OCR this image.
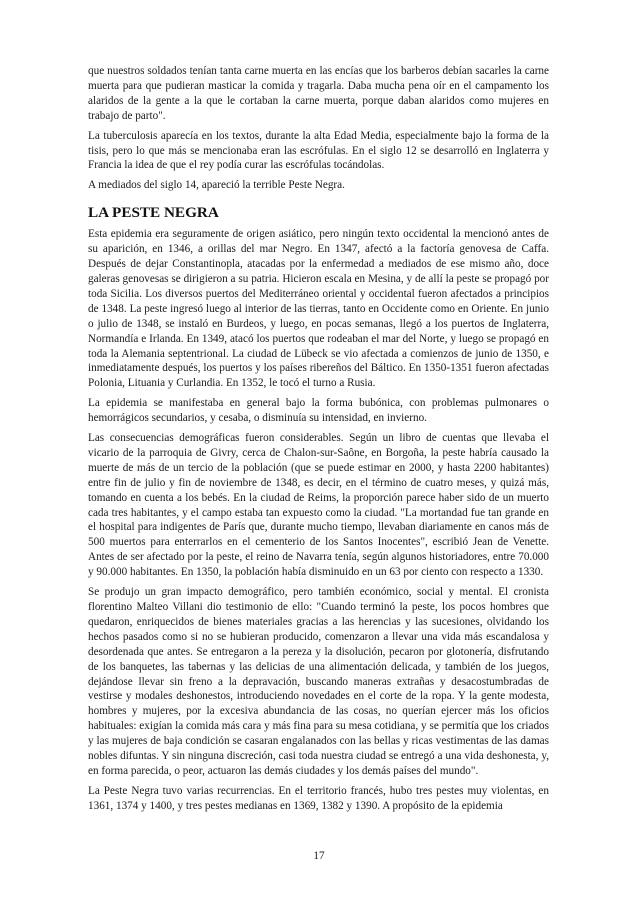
que nuestros soldados tenían tanta carne muerta en las encías que los barberos debían sacarles la carne muerta para que pudieran masticar la comida y tragarla. Daba mucha pena oír en el campamento los alaridos de la gente a la que le cortaban la carne muerta, porque daban alaridos como mujeres en trabajo de parto".

La tuberculosis aparecía en los textos, durante la alta Edad Media, especialmente bajo la forma de la tisis, pero lo que más se mencionaba eran las escrófulas. En el siglo 12 se desarrolló en Inglaterra y Francia la idea de que el rey podía curar las escrófulas tocándolas.

A mediados del siglo 14, apareció la terrible Peste Negra.

LA PESTE NEGRA

Esta epidemia era seguramente de origen asiático, pero ningún texto occidental la mencionó antes de su aparición, en 1346, a orillas del mar Negro. En 1347, afectó a la factoría genovesa de Caffa. Después de dejar Constantinopla, atacadas por la enfermedad a mediados de ese mismo año, doce galeras genovesas se dirigieron a su patria. Hicieron escala en Mesina, y de allí la peste se propagó por toda Sicilia. Los diversos puertos del Mediterráneo oriental y occidental fueron afectados a principios de 1348. La peste ingresó luego al interior de las tierras, tanto en Occidente como en Oriente. En junio o julio de 1348, se instaló en Burdeos, y luego, en pocas semanas, llegó a los puertos de Inglaterra, Normandía e Irlanda. En 1349, atacó los puertos que rodeaban el mar del Norte, y luego se propagó en toda la Alemania septentrional. La ciudad de Lübeck se vio afectada a comienzos de junio de 1350, e inmediatamente después, los puertos y los países ribereños del Báltico. En 1350-1351 fueron afectadas Polonia, Lituania y Curlandia. En 1352, le tocó el turno a Rusia.

La epidemia se manifestaba en general bajo la forma bubónica, con problemas pulmonares o hemorrágicos secundarios, y cesaba, o disminuía su intensidad, en invierno.

Las consecuencias demográficas fueron considerables. Según un libro de cuentas que llevaba el vicario de la parroquia de Givry, cerca de Chalon-sur-Saône, en Borgoña, la peste habría causado la muerte de más de un tercio de la población (que se puede estimar en 2000, y hasta 2200 habitantes) entre fin de julio y fin de noviembre de 1348, es decir, en el término de cuatro meses, y quizá más, tomando en cuenta a los bebés. En la ciudad de Reims, la proporción parece haber sido de un muerto cada tres habitantes, y el campo estaba tan expuesto como la ciudad. "La mortandad fue tan grande en el hospital para indigentes de París que, durante mucho tiempo, llevaban diariamente en canos más de 500 muertos para enterrarlos en el cementerio de los Santos Inocentes", escribió Jean de Venette. Antes de ser afectado por la peste, el reino de Navarra tenía, según algunos historiadores, entre 70.000 y 90.000 habitantes. En 1350, la población había disminuido en un 63 por ciento con respecto a 1330.

Se produjo un gran impacto demográfico, pero también económico, social y mental. El cronista florentino Malteo Villani dio testimonio de ello: "Cuando terminó la peste, los pocos hombres que quedaron, enriquecidos de bienes materiales gracias a las herencias y las sucesiones, olvidando los hechos pasados como si no se hubieran producido, comenzaron a llevar una vida más escandalosa y desordenada que antes. Se entregaron a la pereza y la disolución, pecaron por glotonería, disfrutando de los banquetes, las tabernas y las delicias de una alimentación delicada, y también de los juegos, dejándose llevar sin freno a la depravación, buscando maneras extrañas y desacostumbradas de vestirse y modales deshonestos, introduciendo novedades en el corte de la ropa. Y la gente modesta, hombres y mujeres, por la excesiva abundancia de las cosas, no querían ejercer más los oficios habituales: exigían la comida más cara y más fina para su mesa cotidiana, y se permitía que los criados y las mujeres de baja condición se casaran engalanados con las bellas y ricas vestimentas de las damas nobles difuntas. Y sin ninguna discreción, casi toda nuestra ciudad se entregó a una vida deshonesta, y, en forma parecida, o peor, actuaron las demás ciudades y los demás países del mundo".

La Peste Negra tuvo varias recurrencias. En el territorio francés, hubo tres pestes muy violentas, en 1361, 1374 y 1400, y tres pestes medianas en 1369, 1382 y 1390. A propósito de la epidemia

17
